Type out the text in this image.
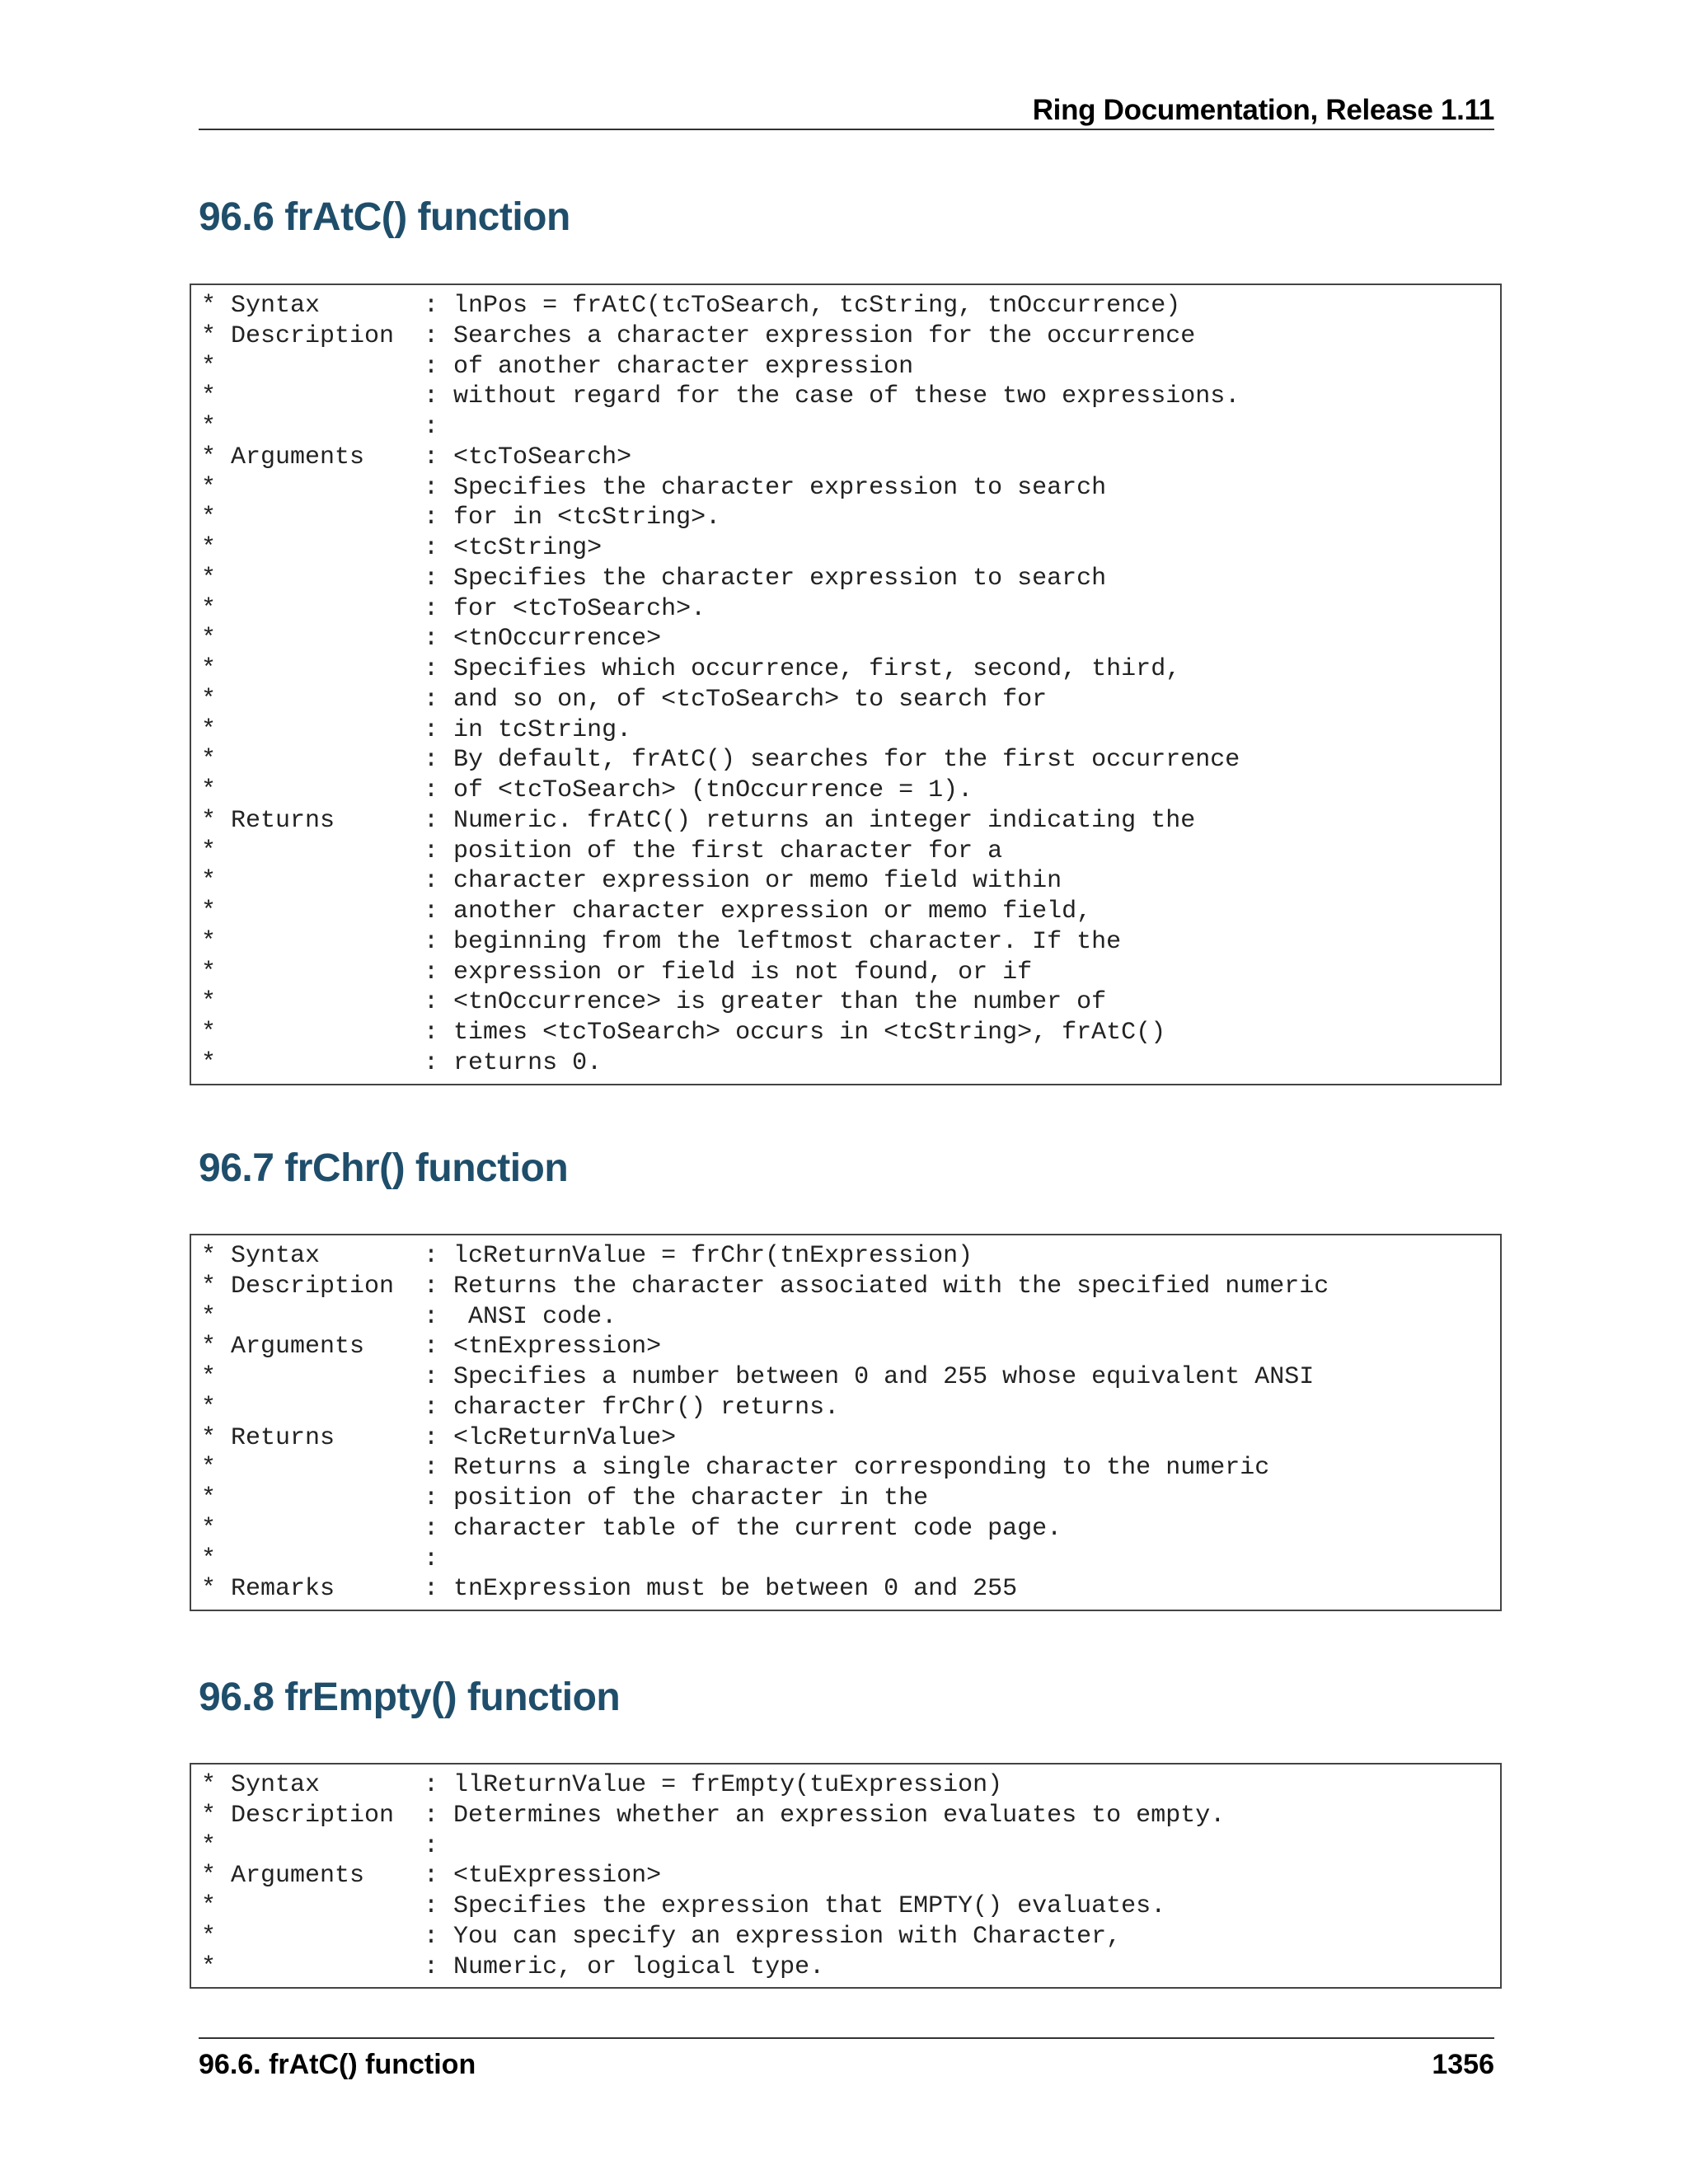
Ring Documentation, Release 1.11
96.6 frAtC() function
* Syntax       : lnPos = frAtC(tcToSearch, tcString, tnOccurrence)
* Description  : Searches a character expression for the occurrence
*              : of another character expression
*              : without regard for the case of these two expressions.
*              :
* Arguments    : <tcToSearch>
*              : Specifies the character expression to search
*              : for in <tcString>.
*              : <tcString>
*              : Specifies the character expression to search
*              : for <tcToSearch>.
*              : <tnOccurrence>
*              : Specifies which occurrence, first, second, third,
*              : and so on, of <tcToSearch> to search for
*              : in tcString.
*              : By default, frAtC() searches for the first occurrence
*              : of <tcToSearch> (tnOccurrence = 1).
* Returns      : Numeric. frAtC() returns an integer indicating the
*              : position of the first character for a
*              : character expression or memo field within
*              : another character expression or memo field,
*              : beginning from the leftmost character. If the
*              : expression or field is not found, or if
*              : <tnOccurrence> is greater than the number of
*              : times <tcToSearch> occurs in <tcString>, frAtC()
*              : returns 0.
96.7 frChr() function
* Syntax       : lcReturnValue = frChr(tnExpression)
* Description  : Returns the character associated with the specified numeric
*              :  ANSI code.
* Arguments    : <tnExpression>
*              : Specifies a number between 0 and 255 whose equivalent ANSI
*              : character frChr() returns.
* Returns      : <lcReturnValue>
*              : Returns a single character corresponding to the numeric
*              : position of the character in the
*              : character table of the current code page.
*              :
* Remarks      : tnExpression must be between 0 and 255
96.8 frEmpty() function
* Syntax       : llReturnValue = frEmpty(tuExpression)
* Description  : Determines whether an expression evaluates to empty.
*              :
* Arguments    : <tuExpression>
*              : Specifies the expression that EMPTY() evaluates.
*              : You can specify an expression with Character,
*              : Numeric, or logical type.
96.6. frAtC() function	1356
